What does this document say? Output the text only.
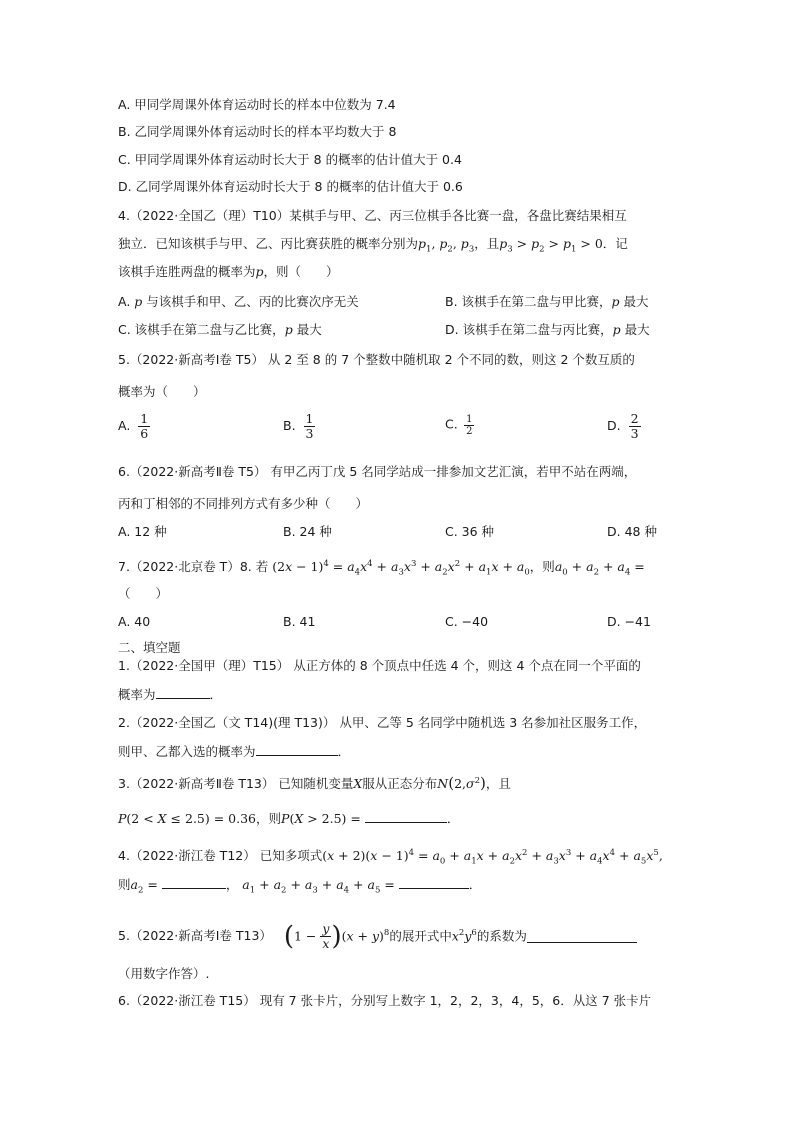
A. 甲同学周课外体育运动时长的样本中位数为 7.4
B. 乙同学周课外体育运动时长的样本平均数大于 8
C. 甲同学周课外体育运动时长大于 8 的概率的估计值大于 0.4
D. 乙同学周课外体育运动时长大于 8 的概率的估计值大于 0.6
4.（2022·全国乙（理）T10）某棋手与甲、乙、丙三位棋手各比赛一盘，各盘比赛结果相互
独立．已知该棋手与甲、乙、丙比赛获胜的概率分别为$p_1$, $p_2$, $p_3$，且$p_3 > p_2 > p_1 > 0$．记
该棋手连胜两盘的概率为p，则（　　）
A. p 与该棋手和甲、乙、丙的比赛次序无关	B. 该棋手在第二盘与甲比赛，p 最大
C. 该棋手在第二盘与乙比赛，p 最大	D. 该棋手在第二盘与丙比赛，p 最大
5.（2022·新高考Ⅰ卷 T5） 从 2 至 8 的 7 个整数中随机取 2 个不同的数，则这 2 个数互质的
概率为（　　）
A. $\frac{1}{6}$	B. $\frac{1}{3}$	C. $\frac{1}{2}$	D. $\frac{2}{3}$
6.（2022·新高考Ⅱ卷 T5） 有甲乙丙丁戊 5 名同学站成一排参加文艺汇演，若甲不站在两端，
丙和丁相邻的不同排列方式有多少种（　　）
A. 12 种	B. 24 种	C. 36 种	D. 48 种
7.（2022·北京卷 T）8. 若 $(2x - 1)^4 = a_4x^4 + a_3x^3 + a_2x^2 + a_1x + a_0$，则$a_0 + a_2 + a_4$ =
（　　）
A. 40	B. 41	C. −40	D. −41
二、填空题
1.（2022·全国甲（理）T15） 从正方体的 8 个顶点中任选 4 个，则这 4 个点在同一个平面的
概率为	．
2.（2022·全国乙（文 T14)(理 T13)） 从甲、乙等 5 名同学中随机选 3 名参加社区服务工作，
则甲、乙都入选的概率为	．
3.（2022·新高考Ⅱ卷 T13） 已知随机变量X服从正态分布$N(2,\sigma^2)$，且
P(2 < X ≤ 2.5) = 0.36，则P(X > 2.5) =	．
4.（2022·浙江卷 T12） 已知多项式$(x + 2)(x - 1)^4 = a_0 + a_1x + a_2x^2 + a_3x^3 + a_4x^4 + a_5x^5$,
则$a_2$ =	， $a_1 + a_2 + a_3 + a_4 + a_5$ =	．
5.（2022·新高考Ⅰ卷 T13） $(1 - \frac{y}{x} )(x + y)^8$的展开式中$x^2y^6$的系数为
（用数字作答）.
6.（2022·浙江卷 T15） 现有 7 张卡片，分别写上数字 1，2，2，3，4，5，6．从这 7 张卡片
